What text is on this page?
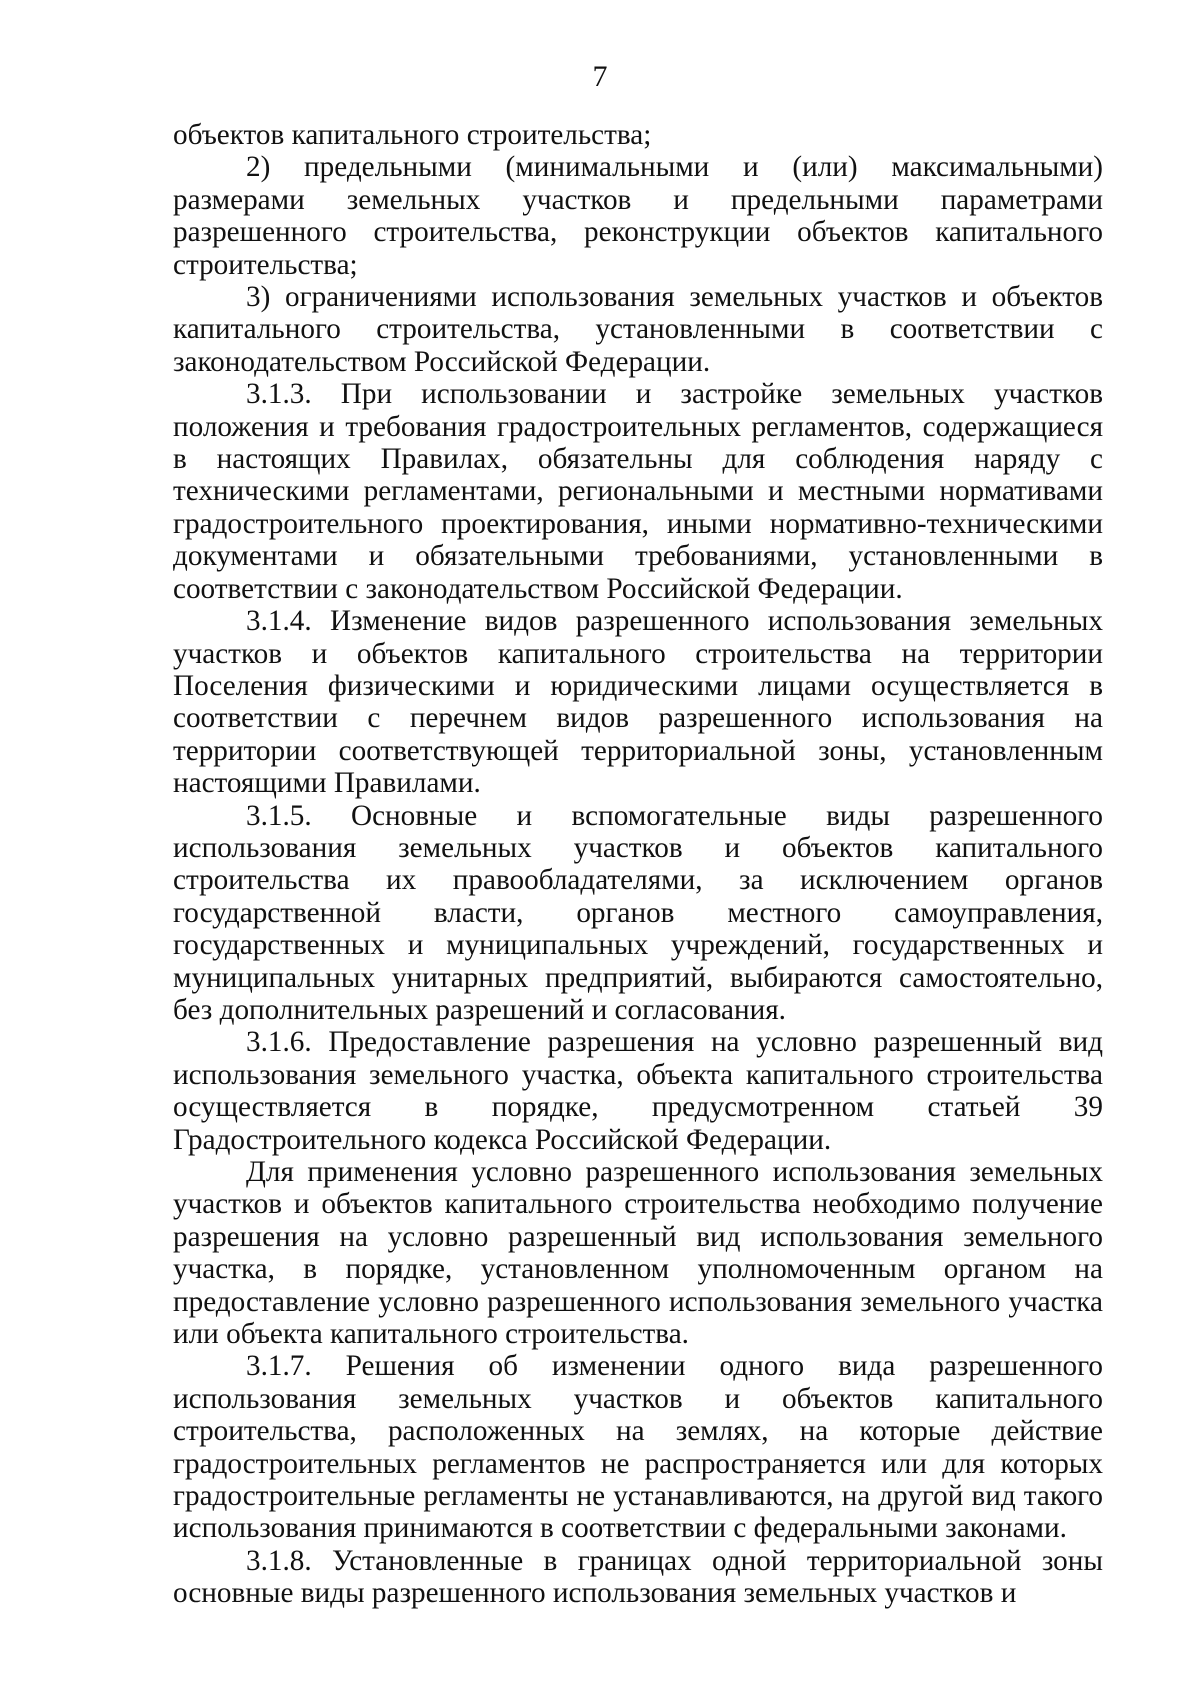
7

объектов капитального строительства;

2) предельными (минимальными и (или) максимальными) размерами земельных участков и предельными параметрами разрешенного строительства, реконструкции объектов капитального строительства;

3) ограничениями использования земельных участков и объектов капитального строительства, установленными в соответствии с законодательством Российской Федерации.

3.1.3. При использовании и застройке земельных участков положения и требования градостроительных регламентов, содержащиеся в настоящих Правилах, обязательны для соблюдения наряду с техническими регламентами, региональными и местными нормативами градостроительного проектирования, иными нормативно-техническими документами и обязательными требованиями, установленными в соответствии с законодательством Российской Федерации.

3.1.4. Изменение видов разрешенного использования земельных участков и объектов капитального строительства на территории Поселения физическими и юридическими лицами осуществляется в соответствии с перечнем видов разрешенного использования на территории соответствующей территориальной зоны, установленным настоящими Правилами.

3.1.5. Основные и вспомогательные виды разрешенного использования земельных участков и объектов капитального строительства их правообладателями, за исключением органов государственной власти, органов местного самоуправления, государственных и муниципальных учреждений, государственных и муниципальных унитарных предприятий, выбираются самостоятельно, без дополнительных разрешений и согласования.

3.1.6. Предоставление разрешения на условно разрешенный вид использования земельного участка, объекта капитального строительства осуществляется в порядке, предусмотренном статьей 39 Градостроительного кодекса Российской Федерации.

Для применения условно разрешенного использования земельных участков и объектов капитального строительства необходимо получение разрешения на условно разрешенный вид использования земельного участка, в порядке, установленном уполномоченным органом на предоставление условно разрешенного использования земельного участка или объекта капитального строительства.

3.1.7. Решения об изменении одного вида разрешенного использования земельных участков и объектов капитального строительства, расположенных на землях, на которые действие градостроительных регламентов не распространяется или для которых градостроительные регламенты не устанавливаются, на другой вид такого использования принимаются в соответствии с федеральными законами.

3.1.8. Установленные в границах одной территориальной зоны основные виды разрешенного использования земельных участков и
